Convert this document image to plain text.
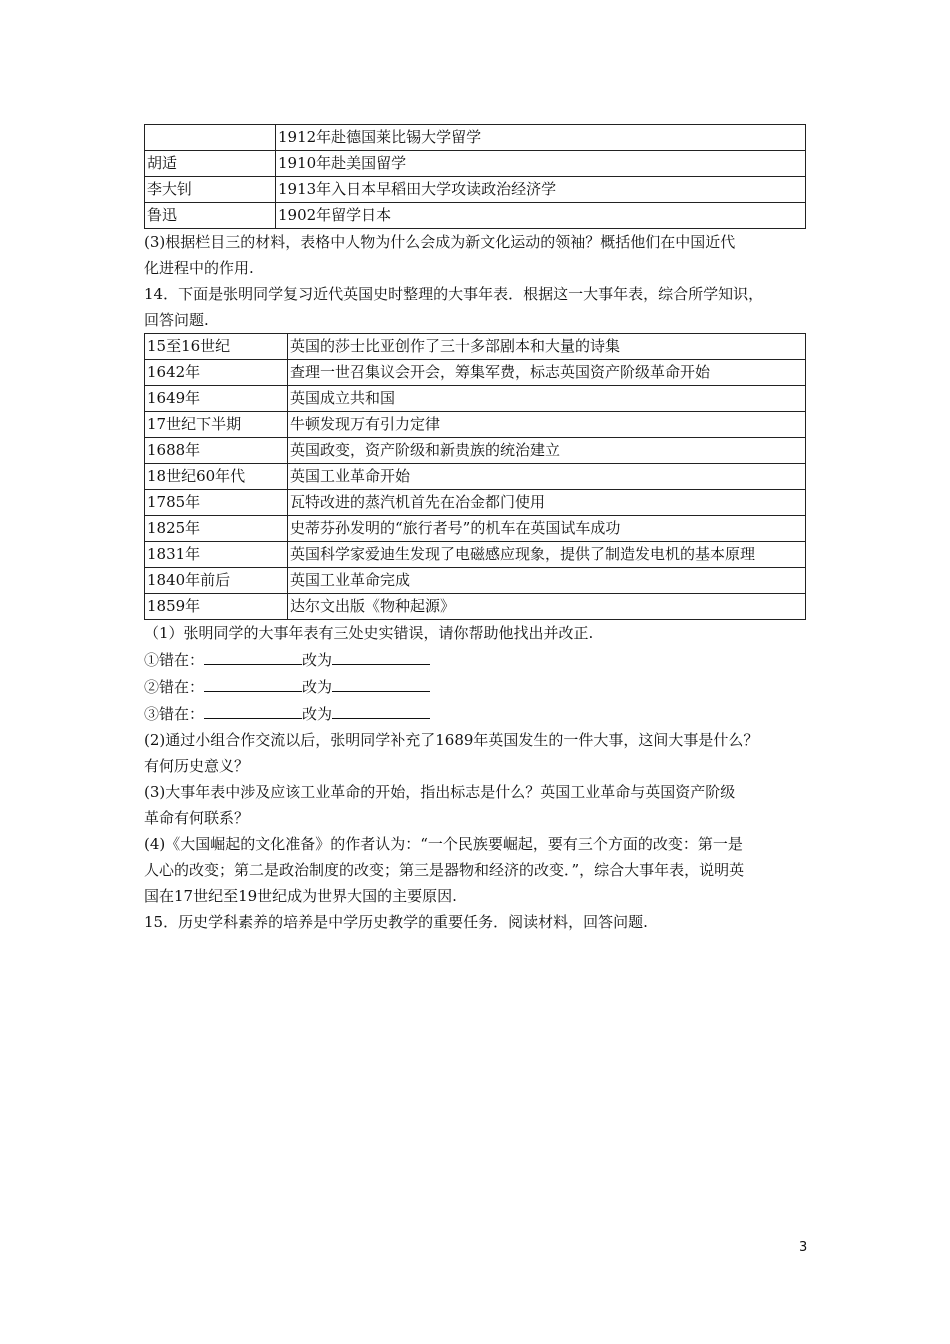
	1912年赴德国莱比锡大学留学
胡适	1910年赴美国留学
李大钊	1913年入日本早稻田大学攻读政治经济学
鲁迅	1902年留学日本

(3)根据栏目三的材料，表格中人物为什么会成为新文化运动的领袖？概括他们在中国近代
化进程中的作用.

14．下面是张明同学复习近代英国史时整理的大事年表．根据这一大事年表，综合所学知识，
回答问题.

15至16世纪	英国的莎士比亚创作了三十多部剧本和大量的诗集
1642年	查理一世召集议会开会，筹集军费，标志英国资产阶级革命开始
1649年	英国成立共和国
17世纪下半期	牛顿发现万有引力定律
1688年	英国政变，资产阶级和新贵族的统治建立
18世纪60年代	英国工业革命开始
1785年	瓦特改进的蒸汽机首先在冶金都门使用
1825年	史蒂芬孙发明的“旅行者号”的机车在英国试车成功
1831年	英国科学家爱迪生发现了电磁感应现象，提供了制造发电机的基本原理
1840年前后	英国工业革命完成
1859年	达尔文出版《物种起源》

（1）张明同学的大事年表有三处史实错误，请你帮助他找出并改正.

①错在：	改为

②错在：	改为

③错在：	改为

(2)通过小组合作交流以后，张明同学补充了1689年英国发生的一件大事，这间大事是什么？
有何历史意义？

(3)大事年表中涉及应该工业革命的开始，指出标志是什么？英国工业革命与英国资产阶级
革命有何联系？

(4)《大国崛起的文化准备》的作者认为：“一个民族要崛起，要有三个方面的改变：第一是
人心的改变；第二是政治制度的改变；第三是器物和经济的改变．”，综合大事年表，说明英
国在17世纪至19世纪成为世界大国的主要原因.

15．历史学科素养的培养是中学历史教学的重要任务．阅读材料，回答问题.

3
